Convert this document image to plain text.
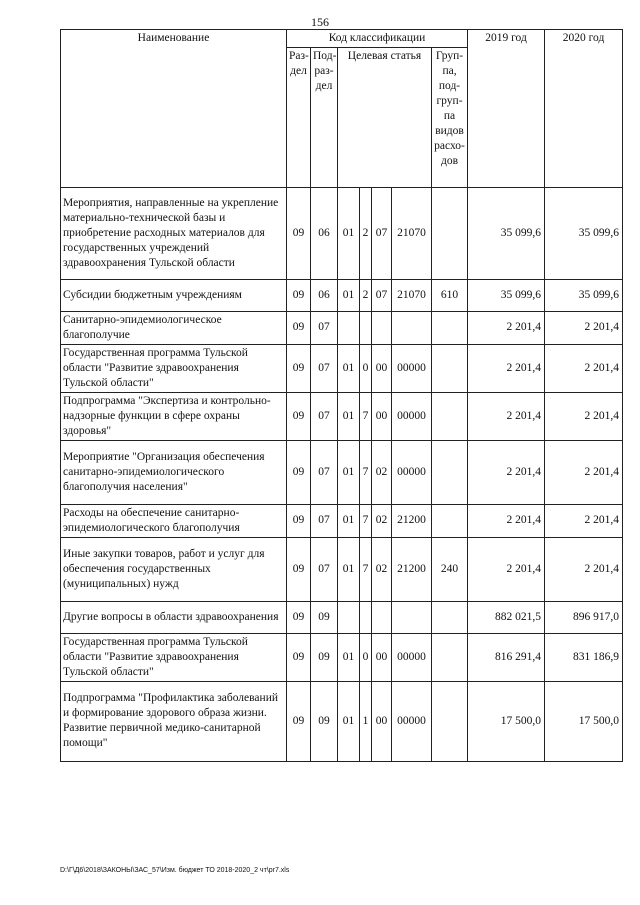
156
Наименование	Код классификации							2019 год	2020 год
	Раз-дел	Под-раз-дел	Целевая статья				Груп-па, под-груп-па видов расхо-дов		
Мероприятия, направленные на укрепление материально-технической базы и приобретение расходных материалов для государственных учреждений здравоохранения Тульской области	09	06	01	2	07	21070		35 099,6	35 099,6
Субсидии бюджетным учреждениям	09	06	01	2	07	21070	610	35 099,6	35 099,6
Санитарно-эпидемиологическое благополучие	09	07						2 201,4	2 201,4
Государственная программа Тульской области "Развитие здравоохранения Тульской области"	09	07	01	0	00	00000		2 201,4	2 201,4
Подпрограмма "Экспертиза и контрольно-надзорные функции в сфере охраны здоровья"	09	07	01	7	00	00000		2 201,4	2 201,4
Мероприятие "Организация обеспечения санитарно-эпидемиологического благополучия населения"	09	07	01	7	02	00000		2 201,4	2 201,4
Расходы на обеспечение санитарно-эпидемиологического благополучия	09	07	01	7	02	21200		2 201,4	2 201,4
Иные закупки товаров, работ и услуг для обеспечения государственных (муниципальных) нужд	09	07	01	7	02	21200	240	2 201,4	2 201,4
Другие вопросы в области здравоохранения	09	09						882 021,5	896 917,0
Государственная программа Тульской области "Развитие здравоохранения Тульской области"	09	09	01	0	00	00000		816 291,4	831 186,9
Подпрограмма "Профилактика заболеваний и формирование здорового образа жизни. Развитие первичной медико-санитарной помощи"	09	09	01	1	00	00000		17 500,0	17 500,0
D:\Г\Д6\2018\ЗАКОНЫ\ЗАС_57\Изм. бюджет ТО 2018-2020_2 чт\pr7.xls
